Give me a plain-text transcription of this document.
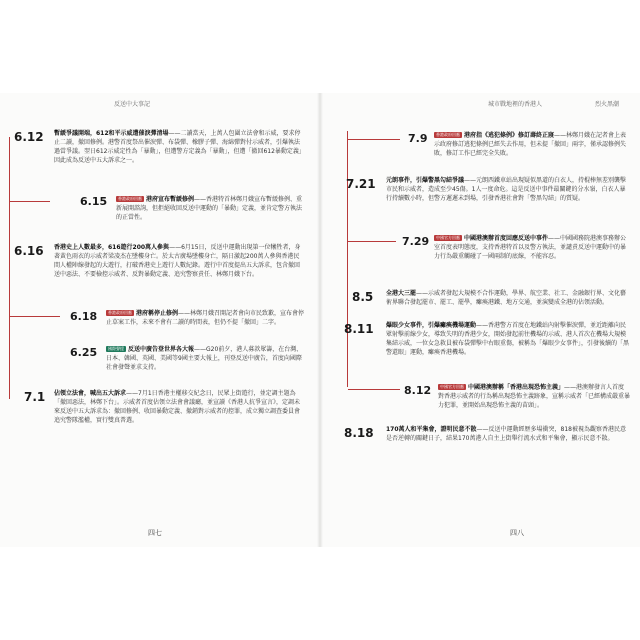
反送中大事記
6.12 暫緩爭議開端，612和平示威遭催淚彈清場——二讀當天，上萬人包圍立法會和示威，要求停止二讀，撤回修例。港警首度祭出催淚彈、布袋彈、橡膠子彈、海綿彈對付示威者，引爆執法過當爭議。翌日612示威定性為「暴動」，但遭警方定義為「暴動」，但遭「撤回612暴動定義」因此成為反送中五大訴求之一。
6.15	香港政府回應 港府宣布暫緩修例——香港特首林鄭月娥宣布暫緩修例、重新展開諮詢，但拒絕收回反送中運動的「暴動」定義，並肯定警方執法的正當性。
6.16 香港史上人數最多，616遊行200萬人參與——6月15日，反送中運動出現第一位犧牲者，身著黃色雨衣的示威者梁凌杰在墜樓身亡。於太古廣場墜樓身亡，隔日激起200萬人參與香港民間人權陣線發起的大遊行，打破香港史上遊行人數紀錄。遊行中首度提出五大訴求，包含撤回送中惡法、不要檢控示威者、反對暴動定義、追究警察責任、林鄭月娥下台。
6.18	香港政府回應 港府稱停止修例——林鄭月娥召開記者會向市民致歉，宣布會停止草案工作，未來不會有二讀的時間表，但仍不提「撤回」二字。
6.25	國際聲援 反送中廣告登世界各大報——G20前夕，港人募款眾籌，在台灣、日本、韓國、英國、美國等9國主要大報上，刊登反送中廣告，首度向國際社會發聲並求支持。
7.1 佔領立法會，喊出五大訴求——7月1日香港主權移交紀念日，民眾上街遊行，並定調主題為「撤回惡法，林鄭下台」。示威者首度佔領立法會會議廳，並宣讀《香港人抗爭宣言》，定調未來反送中五大訴求為：撤回修例、收回暴動定義、撤銷對示威者的控罪，成立獨立調查委員會追究警隊濫權，實行雙真普選。
四七
城市戰地裡的香港人	烈火黑潮
7.9	香港政府回應 港府指《逃犯條例》修訂壽終正寢——林鄭月娥在記者會上表示政府修訂逃犯條例已經失去作用，但未提「撤回」兩字，僅承認修例失敗，修訂工作已經完全失敗。
7.21 元朗事件，引爆警黑勾結爭議——元朗西鐵車站出現疑似黑道的白衣人，持棍棒無差別襲擊市民和示威者，造成至少45傷。1人一度命危。這是反送中事件最關鍵的分水嶺，白衣人暴行持續數小時，但警方遲遲未到場，引發香港社會對「警黑勾結」的質疑。
7.29	中國官方回應 中國港澳辦首度回應反送中事件——中國國務院港澳事務辦公室首度表明態度，支持香港特首以及警方執法，並譴責反送中運動中的暴力行為嚴重觸碰了一國兩制的底線，不能容忍。
8.5 全港大三罷——示威者發起大規模不合作運動，學界、航空業、社工、金融銀行界、文化藝術界聯合發起罷市、罷工、罷學，癱瘓港鐵、地方交通，並演變成全港的佔領活動。
8.11 爆眼少女事件，引爆癱瘓機場運動——香港警方首度在地鐵站內射擊催淚彈，並近距離向民眾射擊前線少女，導致失明的香港少女，開始發起前往機場的示威、港人首次在機場大規模集結示威，一位女急救員被布袋彈擊中右眼重傷，被稱為「爆眼少女事件」，引發後續的「黑警還眼」運動，癱瘓香港機場。
8.12	中國官方回應 中國港澳辦稱「香港出現恐怖主義」——港澳辦發言人首度對香港示威者的行為稱出現恐怖主義跡象，宣稱示威者「已經構成嚴重暴力犯罪，並開始出現恐怖主義的苗頭」。
8.18 170萬人和平集會，證明民意不散——反送中運動經歷多場衝突，818被視為觀察香港民意是否逆轉的關鍵日子，結果170萬港人自主上街舉行流水式和平集會，顯示民意不散。
四八
